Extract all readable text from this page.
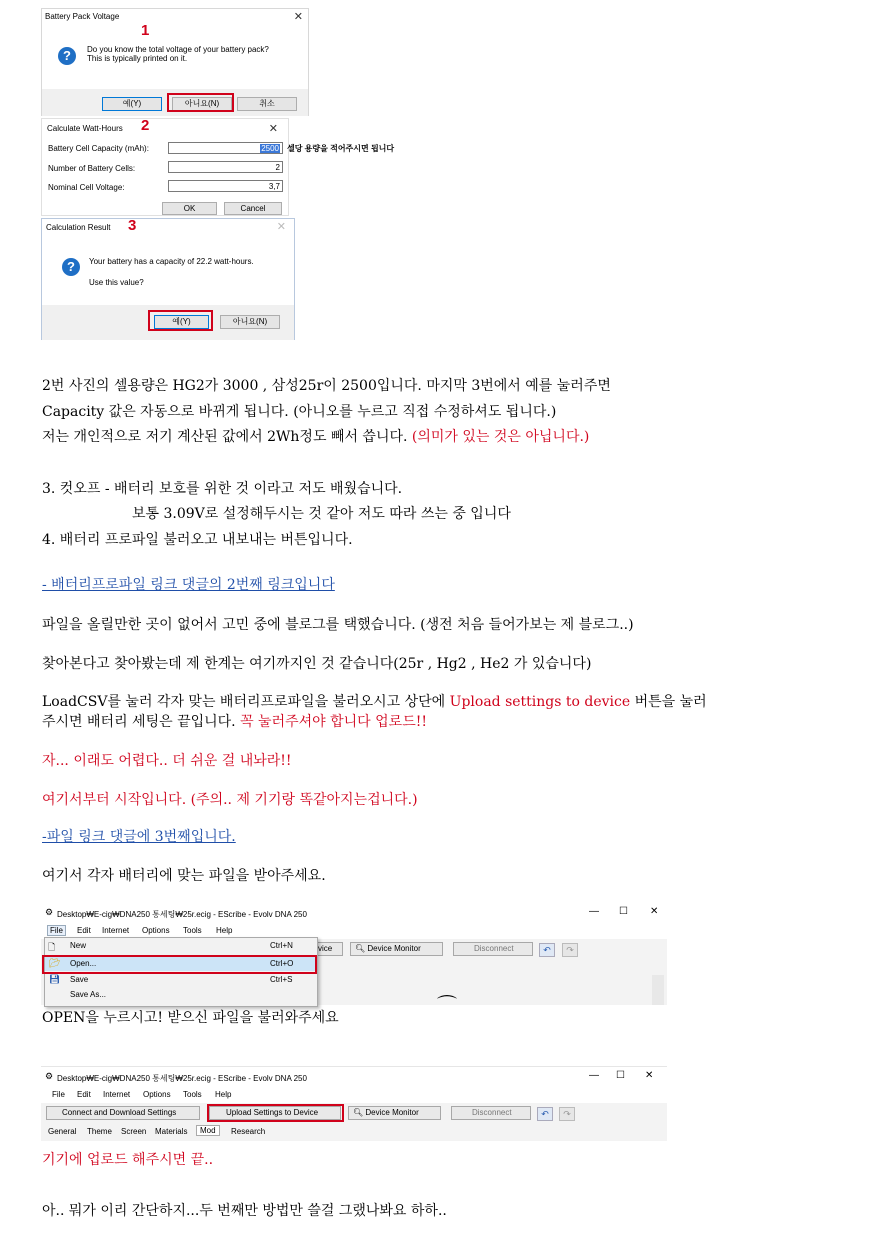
Battery Pack Voltage	✕
?	Do you know the total voltage of your battery pack?
This is typically printed on it.
예(Y)	아니요(N)	취소
1
Calculate Watt-Hours	✕
Battery Cell Capacity (mAh):	2500
Number of Battery Cells:	2
Nominal Cell Voltage:	3,7
OK	Cancel
2
셀당 용량을 적어주시면 됩니다
Calculation Result	✕
?	Your battery has a capacity of 22.2 watt-hours.
Use this value?
예(Y)	아니요(N)
3
2번 사진의 셀용량은 HG2가 3000 , 삼성25r이 2500입니다. 마지막 3번에서 예를 눌러주면
Capacity 값은 자동으로 바뀌게 됩니다. (아니오를 누르고 직접 수정하셔도 됩니다.)
저는 개인적으로 저기 계산된 값에서 2Wh정도 빼서 씁니다. (의미가 있는 것은 아닙니다.)
3. 컷오프 - 배터리 보호를 위한 것 이라고 저도 배웠습니다.
보통 3.09V로 설정해두시는 것 같아 저도 따라 쓰는 중 입니다
4. 배터리 프로파일 불러오고 내보내는 버튼입니다.
- 배터리프로파일 링크 댓글의 2번째 링크입니다
파일을 올릴만한 곳이 없어서 고민 중에 블로그를 택했습니다. (생전 처음 들어가보는 제 블로그..)
찾아본다고 찾아봤는데 제 한계는 여기까지인 것 같습니다(25r , Hg2 , He2 가 있습니다)
LoadCSV를 눌러 각자 맞는 배터리프로파일을 불러오시고 상단에 Upload settings to device 버튼을 눌러
주시면 배터리 세팅은 끝입니다. 꼭 눌러주셔야 합니다 업로드!!
자... 이래도 어렵다.. 더 쉬운 걸 내놔라!!
여기서부터 시작입니다. (주의.. 제 기기랑 똑같아지는겁니다.)
-파일 링크 댓글에 3번째입니다.
여기서 각자 배터리에 맞는 파일을 받아주세요.
⚙ Desktop₩E-cig₩DNA250 통세팅₩25r.ecig - EScribe - Evolv DNA 250	— ☐ ✕
File	Edit Internet Options Tools Help
vice	🔍︎ Device Monitor	Disconnect	↶	↷
⌒
🗋 New	Ctrl+N
📂︎ Open...	Ctrl+O
💾︎ Save	Ctrl+S
Save As...
OPEN을 누르시고! 받으신 파일을 불러와주세요
⚙ Desktop₩E-cig₩DNA250 통세팅₩25r.ecig - EScribe - Evolv DNA 250	— ☐ ✕
File Edit Internet Options Tools Help
Connect and Download Settings	Upload Settings to Device	🔍︎ Device Monitor	Disconnect	↶	↷
General Theme Screen Materials	Mod	Research
기기에 업로드 해주시면 끝..
아.. 뭐가 이리 간단하지...두 번째만 방법만 쓸걸 그랬나봐요 하하..
